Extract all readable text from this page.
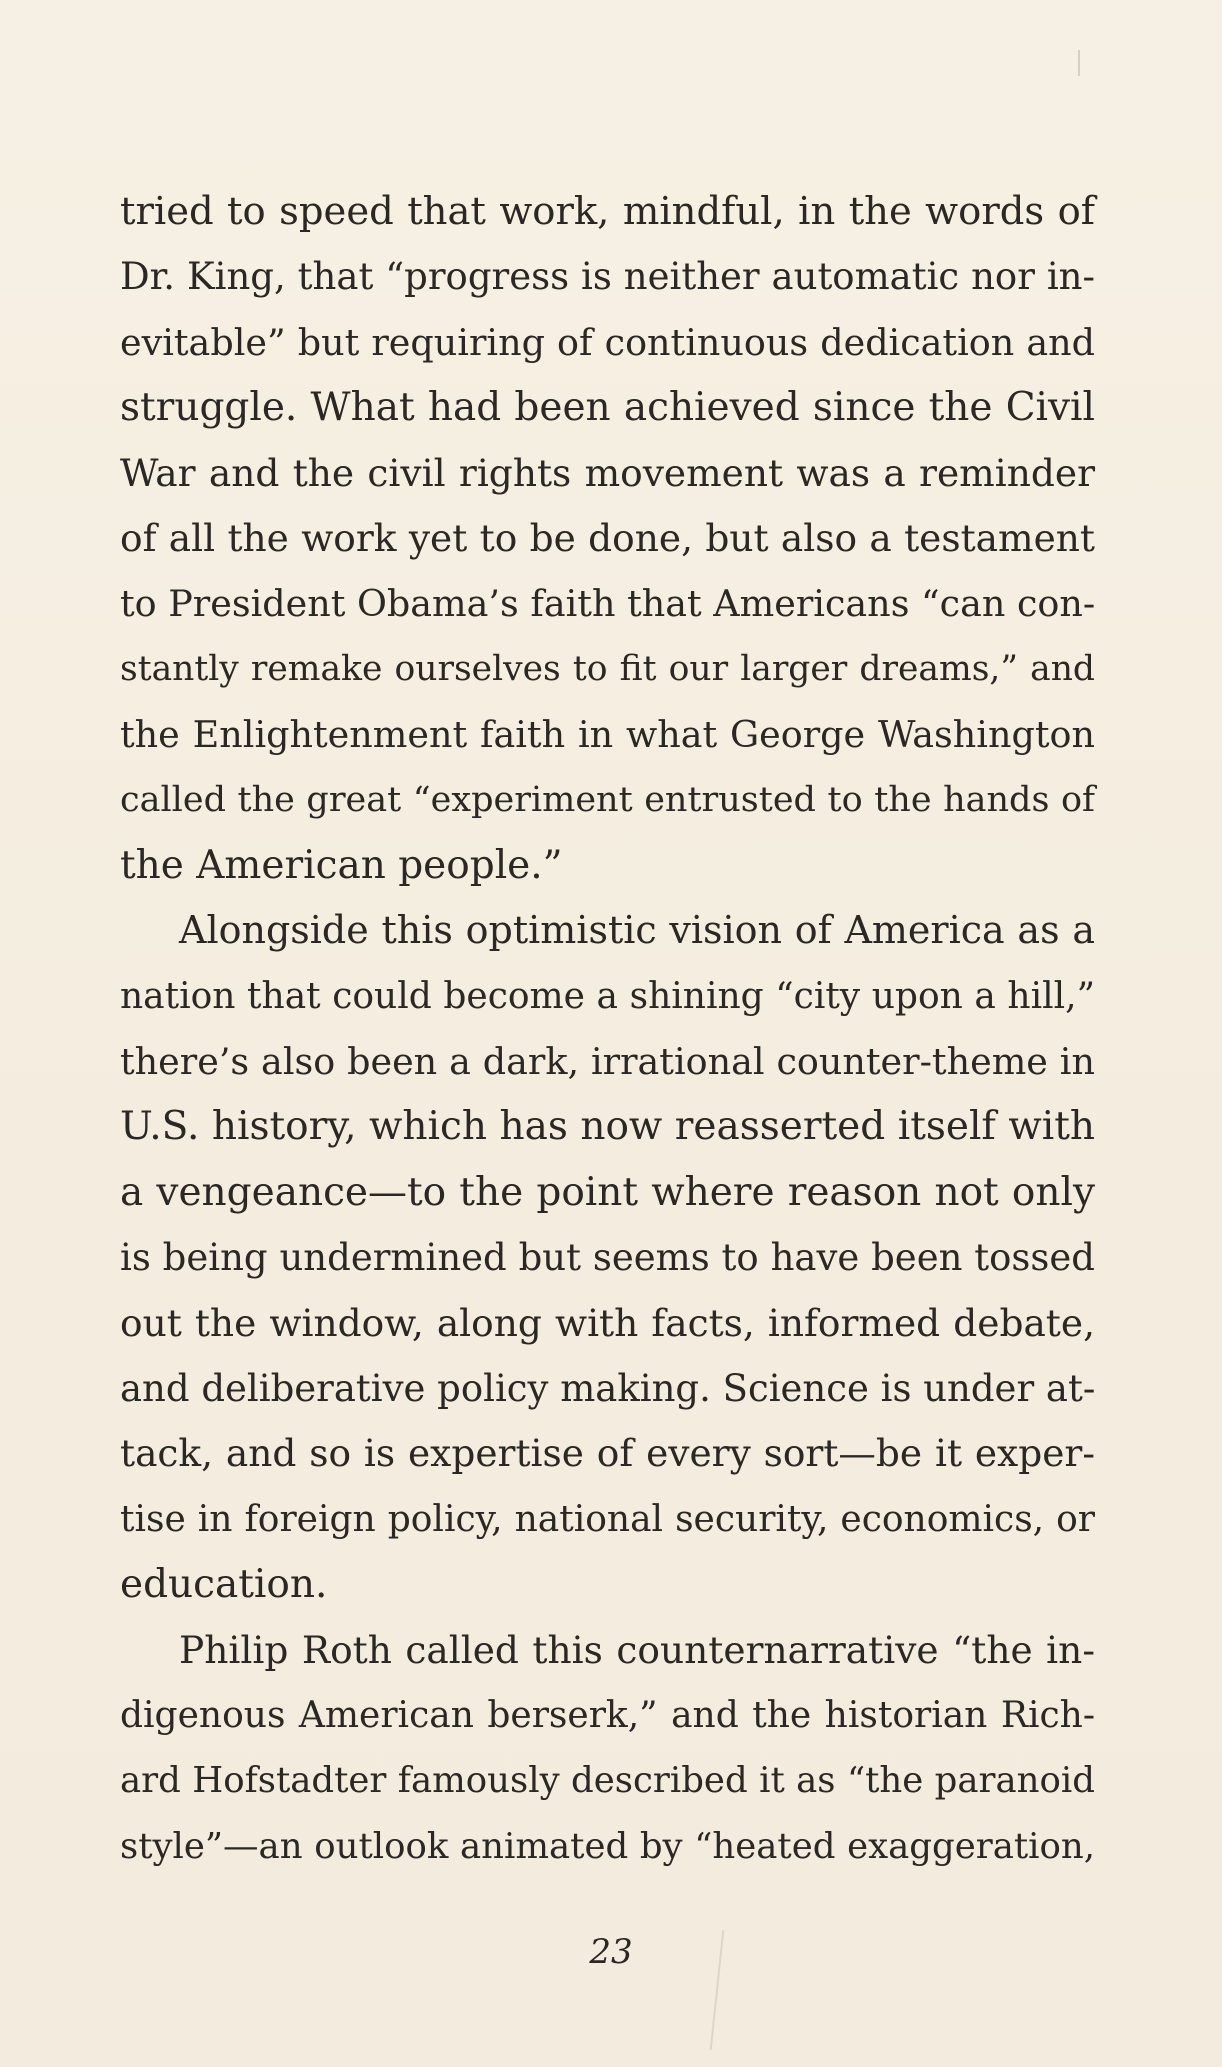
tried to speed that work, mindful, in the words of
Dr. King, that “progress is neither automatic nor in-
evitable” but requiring of continuous dedication and
struggle. What had been achieved since the Civil
War and the civil rights movement was a reminder
of all the work yet to be done, but also a testament
to President Obama’s faith that Americans “can con-
stantly remake ourselves to fit our larger dreams,” and
the Enlightenment faith in what George Washington
called the great “experiment entrusted to the hands of
the American people.”
Alongside this optimistic vision of America as a
nation that could become a shining “city upon a hill,”
there’s also been a dark, irrational counter-theme in
U.S. history, which has now reasserted itself with
a vengeance—to the point where reason not only
is being undermined but seems to have been tossed
out the window, along with facts, informed debate,
and deliberative policy making. Science is under at-
tack, and so is expertise of every sort—be it exper-
tise in foreign policy, national security, economics, or
education.
Philip Roth called this counternarrative “the in-
digenous American berserk,” and the historian Rich-
ard Hofstadter famously described it as “the paranoid
style”—an outlook animated by “heated exaggeration,
23
